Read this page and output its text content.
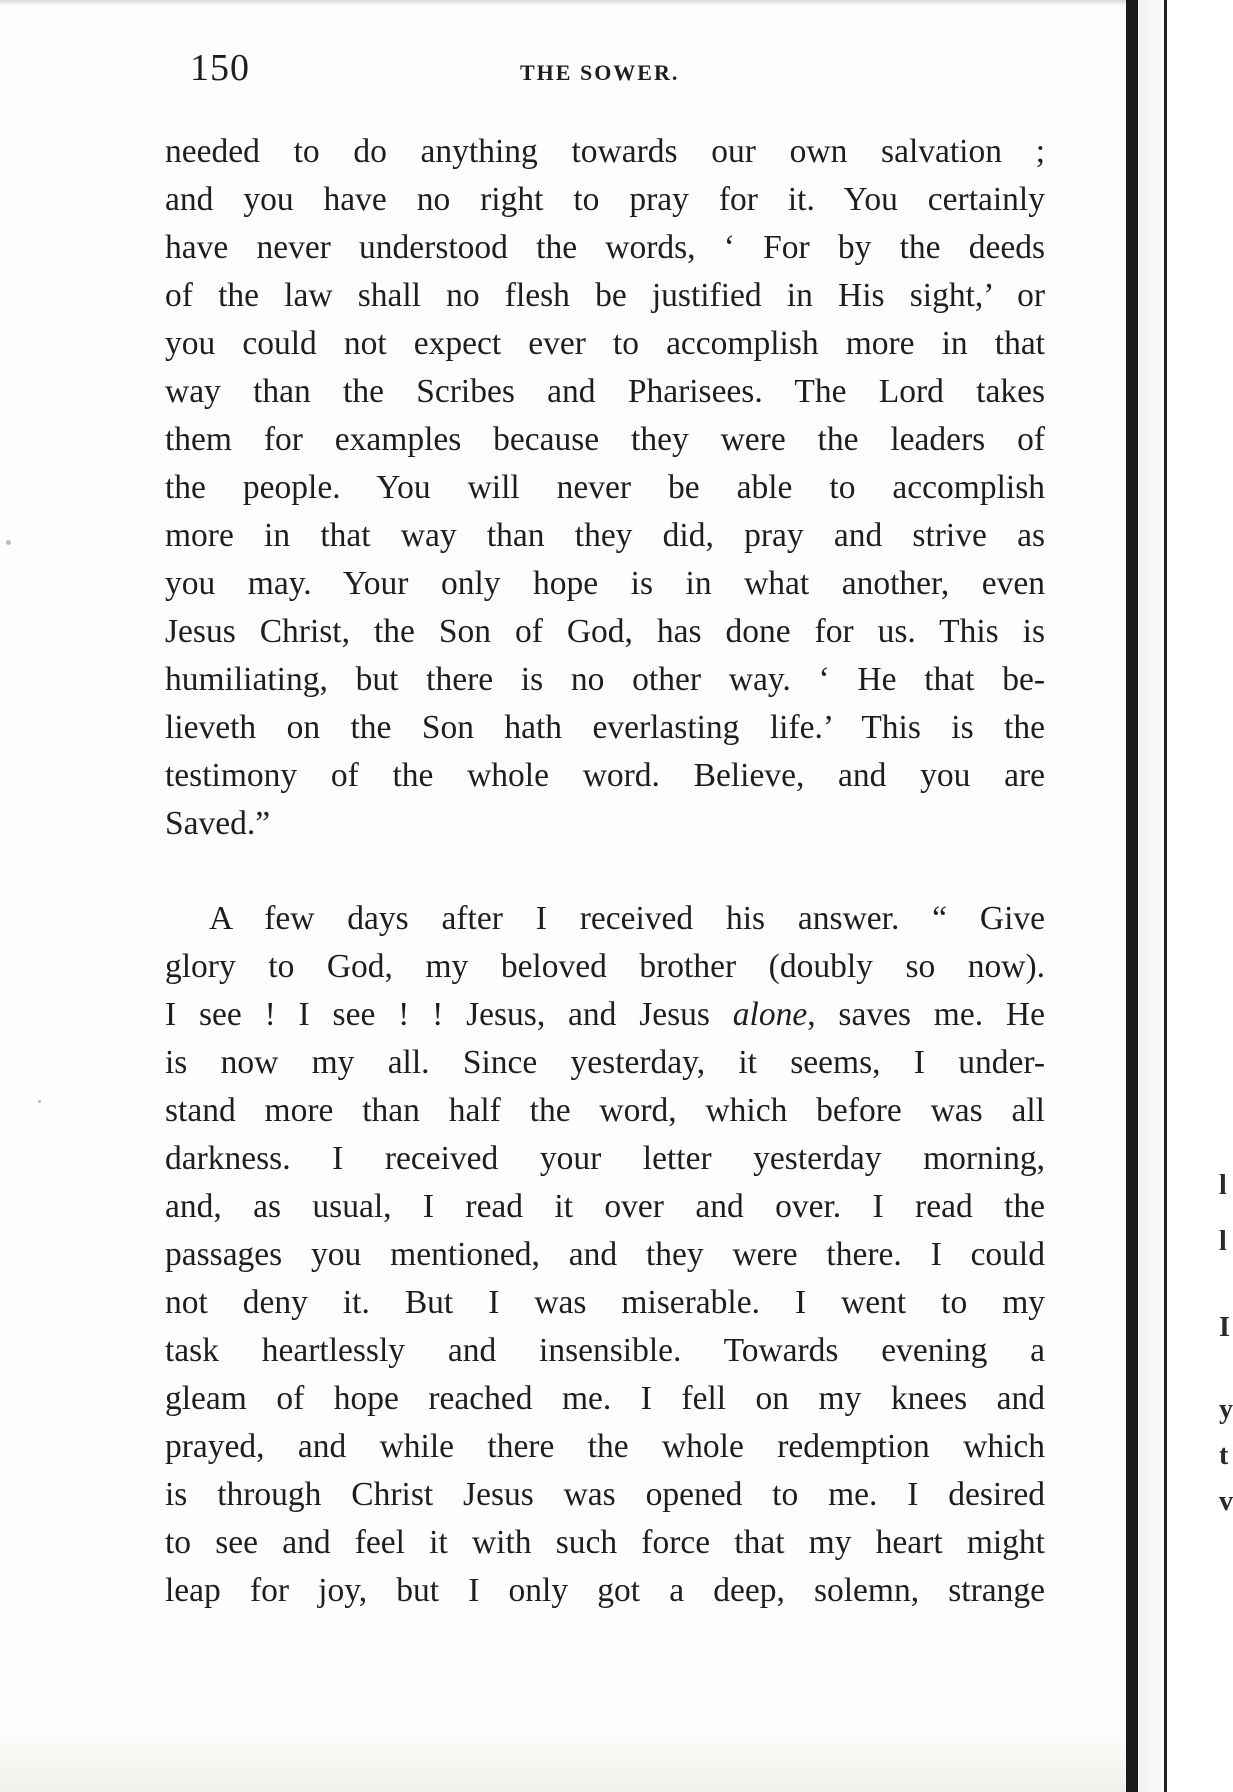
150	THE SOWER.
needed to do anything towards our own salvation ;
and you have no right to pray for it. You certainly
have never understood the words, ‘ For by the deeds
of the law shall no flesh be justified in His sight,’ or
you could not expect ever to accomplish more in that
way than the Scribes and Pharisees. The Lord takes
them for examples because they were the leaders of
the people. You will never be able to accomplish
more in that way than they did, pray and strive as
you may. Your only hope is in what another, even
Jesus Christ, the Son of God, has done for us. This is
humiliating, but there is no other way. ‘ He that be-
lieveth on the Son hath everlasting life.’ This is the
testimony of the whole word. Believe, and you are
Saved.”
A few days after I received his answer. “ Give
glory to God, my beloved brother (doubly so now).
I see ! I see ! ! Jesus, and Jesus alone, saves me. He
is now my all. Since yesterday, it seems, I under-
stand more than half the word, which before was all
darkness. I received your letter yesterday morning,
and, as usual, I read it over and over. I read the
passages you mentioned, and they were there. I could
not deny it. But I was miserable. I went to my
task heartlessly and insensible. Towards evening a
gleam of hope reached me. I fell on my knees and
prayed, and while there the whole redemption which
is through Christ Jesus was opened to me. I desired
to see and feel it with such force that my heart might
leap for joy, but I only got a deep, solemn, strange
l
l
I
y
t
v
